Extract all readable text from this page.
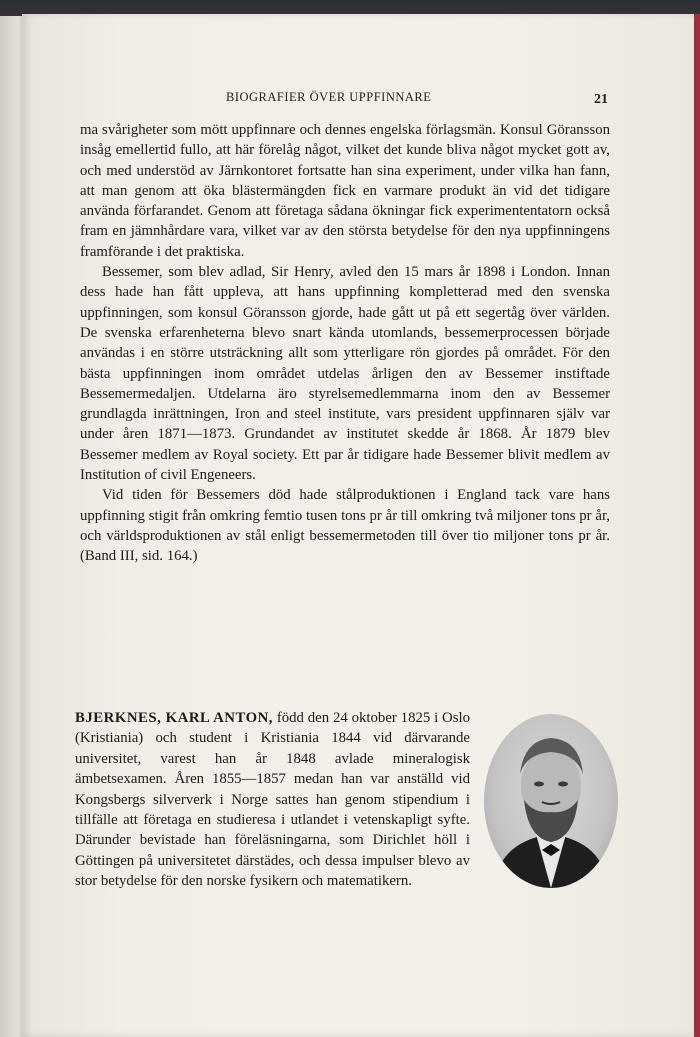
BIOGRAFIER ÖVER UPPFINNARE	21

ma svårigheter som mött uppfinnare och dennes engelska förlagsmän. Konsul Göransson insåg emellertid fullo, att här förelåg något, vilket det kunde bliva något mycket gott av, och med understöd av Järnkontoret fortsatte han sina experiment, under vilka han fann, att man genom att öka blästermängden fick en varmare produkt än vid det tidigare använda förfarandet. Genom att företaga sådana ökningar fick experimententatorn också fram en jämnhårdare vara, vilket var av den största betydelse för den nya uppfinningens framförande i det praktiska.

Bessemer, som blev adlad, Sir Henry, avled den 15 mars år 1898 i London. Innan dess hade han fått uppleva, att hans uppfinning kompletterad med den svenska uppfinningen, som konsul Göransson gjorde, hade gått ut på ett segertåg över världen. De svenska erfarenheterna blevo snart kända utomlands, bessemerprocessen började användas i en större utsträckning allt som ytterligare rön gjordes på området. För den bästa uppfinningen inom området utdelas årligen den av Bessemer instiftade Bessemermedaljen. Utdelarna äro styrelsemedlemmarna inom den av Bessemer grundlagda inrättningen, Iron and steel institute, vars president uppfinnaren själv var under åren 1871—1873. Grundandet av institutet skedde år 1868. År 1879 blev Bessemer medlem av Royal society. Ett par år tidigare hade Bessemer blivit medlem av Institution of civil Engeneers.

Vid tiden för Bessemers död hade stålproduktionen i England tack vare hans uppfinning stigit från omkring femtio tusen tons pr år till omkring två miljoner tons pr år, och världsproduktionen av stål enligt bessemermetoden till över tio miljoner tons pr år. (Band III, sid. 164.)

BJERKNES, KARL ANTON, född den 24 oktober 1825 i Oslo (Kristiania) och student i Kristiania 1844 vid därvarande universitet, varest han år 1848 avlade mineralogisk ämbetsexamen. Åren 1855—1857 medan han var anställd vid Kongsbergs silververk i Norge sattes han genom stipendium i tillfälle att företaga en studieresa i utlandet i vetenskapligt syfte. Därunder bevistade han föreläsningarna, som Dirichlet höll i Göttingen på universitetet därstädes, och dessa impulser blevo av stor betydelse för den norske fysikern och matematikern.
